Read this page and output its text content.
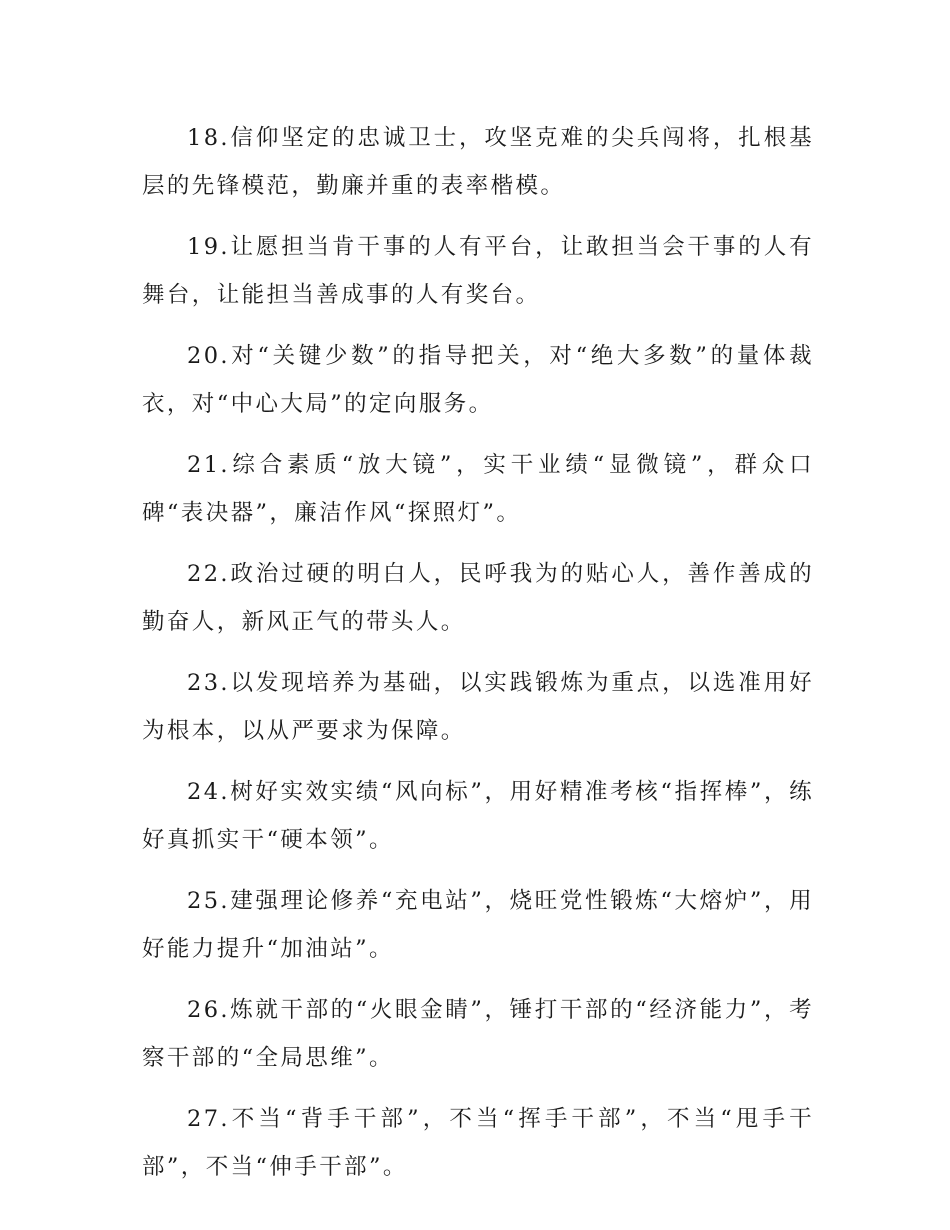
18.信仰坚定的忠诚卫士，攻坚克难的尖兵闯将，扎根基层的先锋模范，勤廉并重的表率楷模。

19.让愿担当肯干事的人有平台，让敢担当会干事的人有舞台，让能担当善成事的人有奖台。

20.对“关键少数”的指导把关，对“绝大多数”的量体裁衣，对“中心大局”的定向服务。

21.综合素质“放大镜”，实干业绩“显微镜”，群众口碑“表决器”，廉洁作风“探照灯”。

22.政治过硬的明白人，民呼我为的贴心人，善作善成的勤奋人，新风正气的带头人。

23.以发现培养为基础，以实践锻炼为重点，以选准用好为根本，以从严要求为保障。

24.树好实效实绩“风向标”，用好精准考核“指挥棒”，练好真抓实干“硬本领”。

25.建强理论修养“充电站”，烧旺党性锻炼“大熔炉”，用好能力提升“加油站”。

26.炼就干部的“火眼金睛”，锤打干部的“经济能力”，考察干部的“全局思维”。

27.不当“背手干部”，不当“挥手干部”，不当“甩手干部”，不当“伸手干部”。
